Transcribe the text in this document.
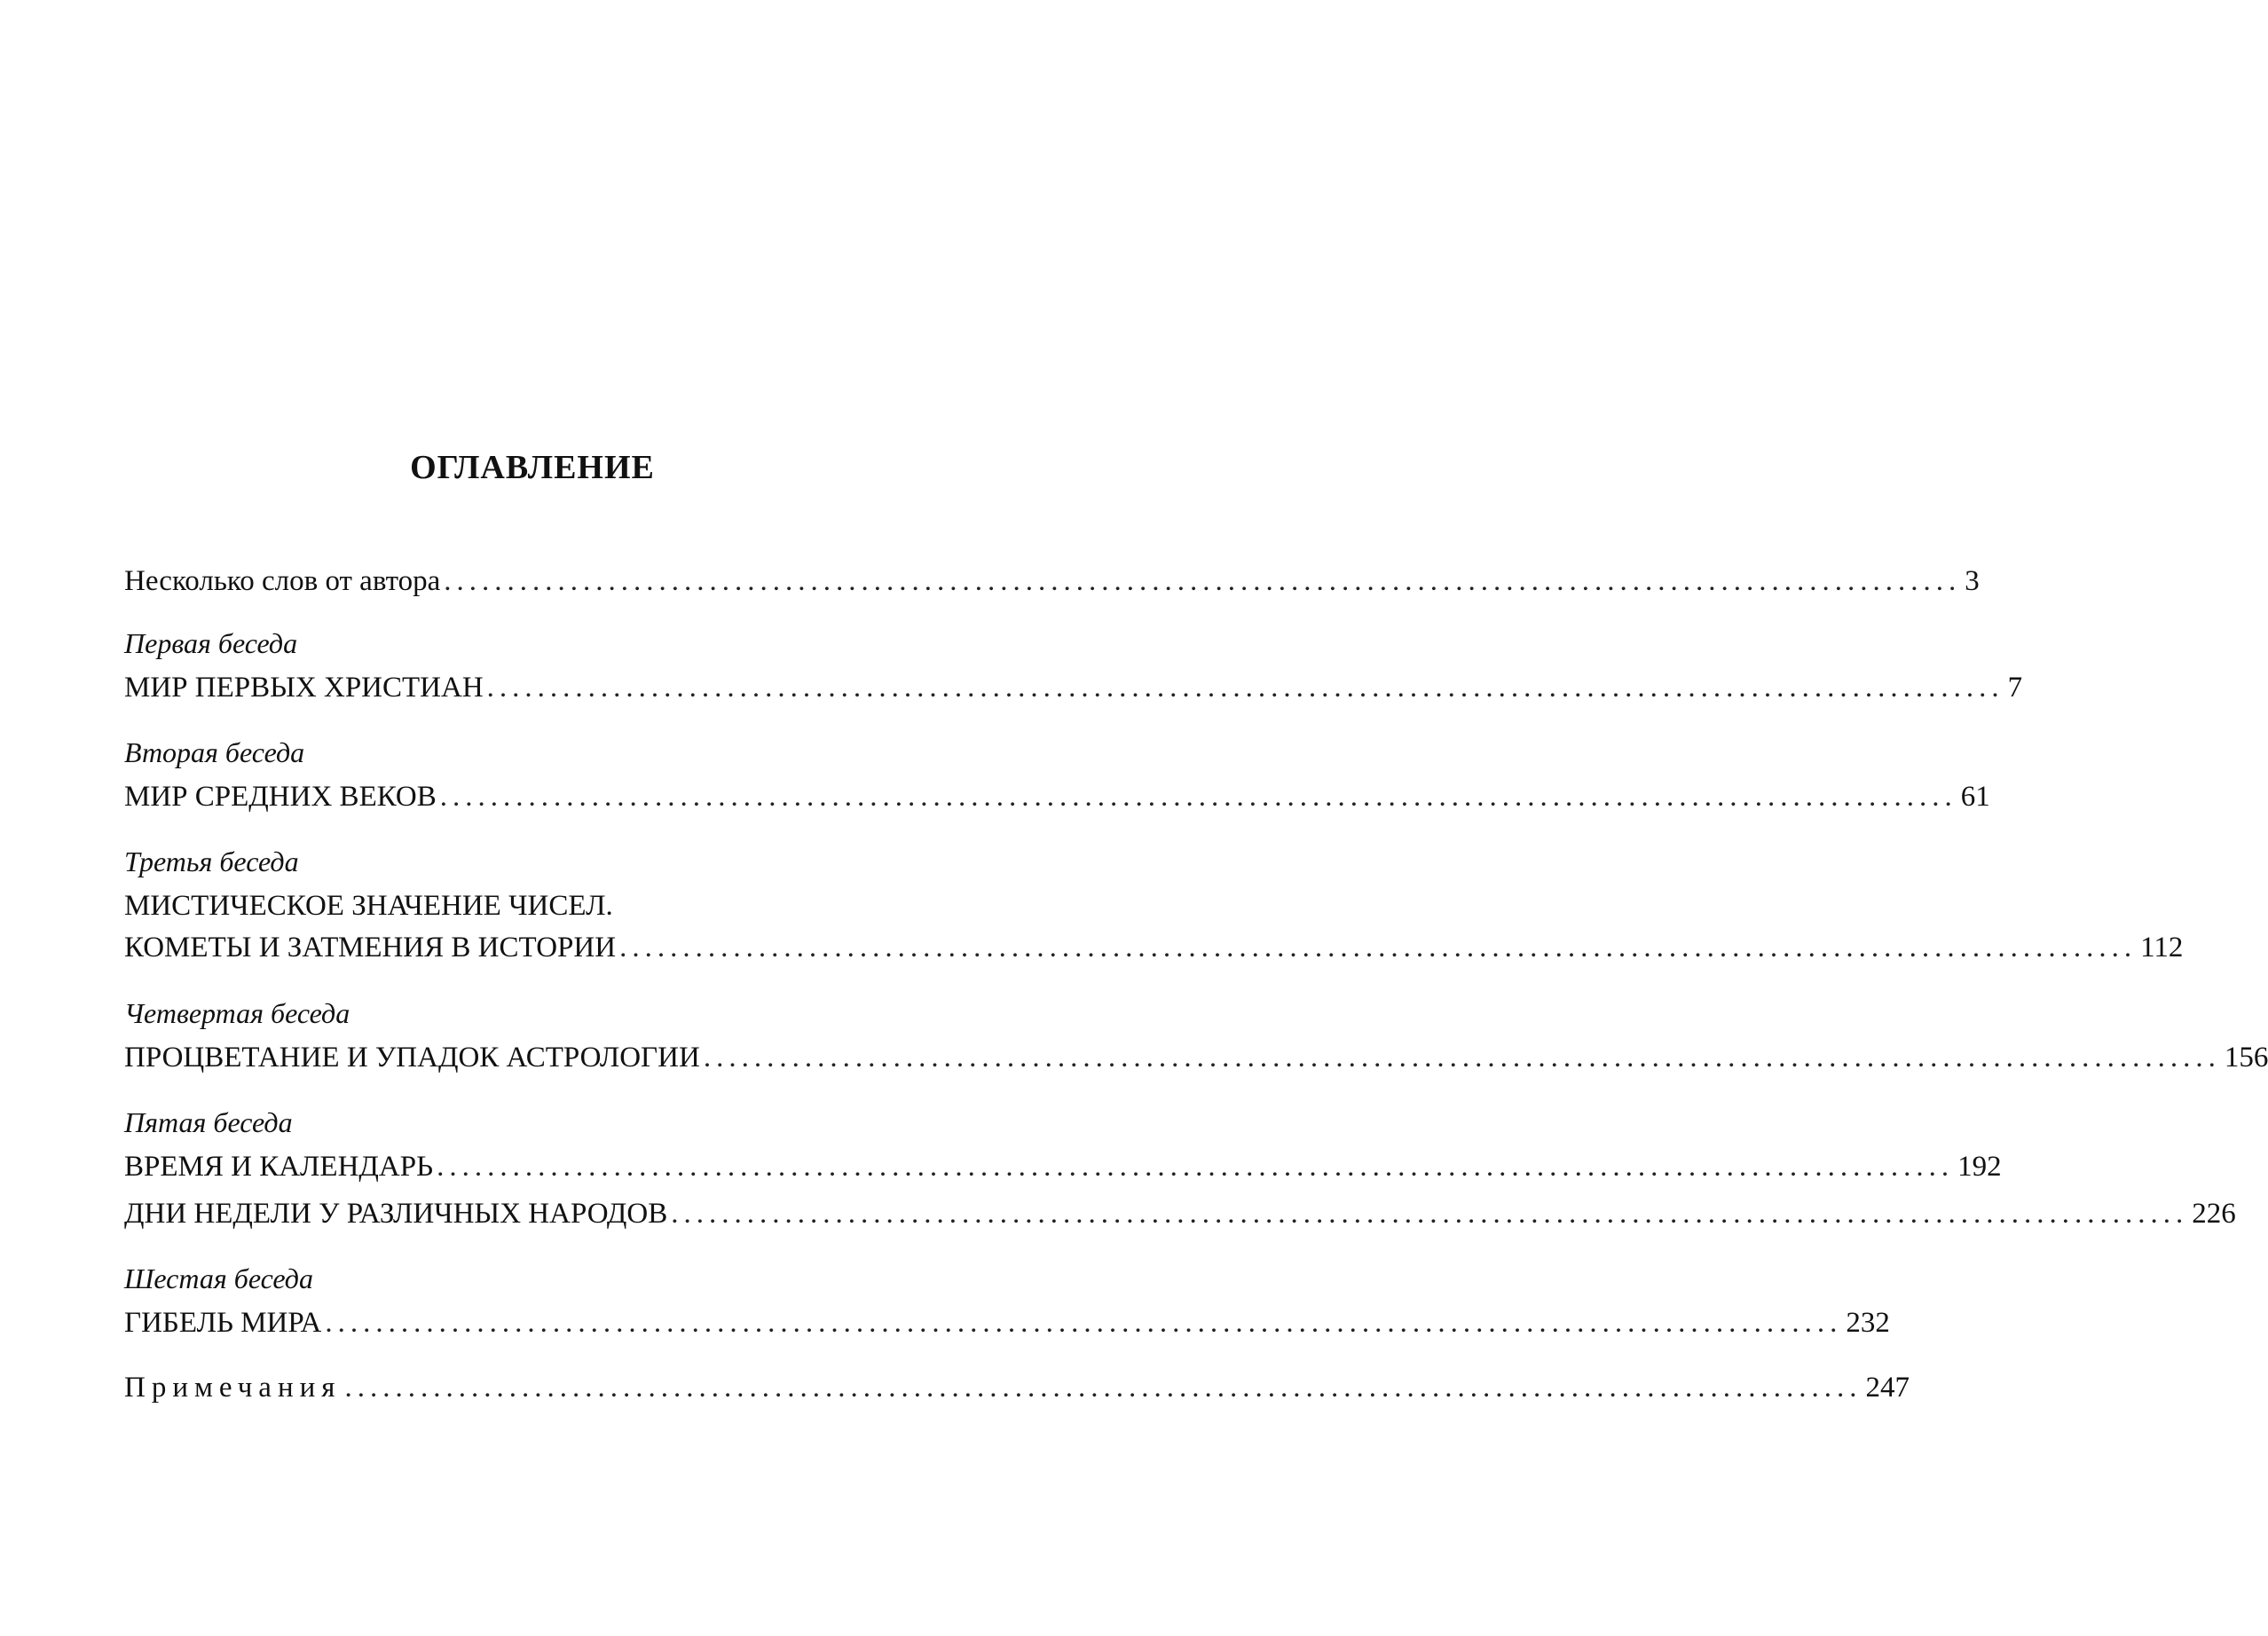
ОГЛАВЛЕНИЕ
Несколько слов от автора ........................................................................................................................ 3
Первая беседа
МИР ПЕРВЫХ ХРИСТИАН ........................................................................................................................ 7
Вторая беседа
МИР СРЕДНИХ ВЕКОВ ........................................................................................................................ 61
Третья беседа
МИСТИЧЕСКОЕ ЗНАЧЕНИЕ ЧИСЕЛ.
КОМЕТЫ И ЗАТМЕНИЯ В ИСТОРИИ ........................................................................................................................ 112
Четвертая беседа
ПРОЦВЕТАНИЕ И УПАДОК АСТРОЛОГИИ ........................................................................................................................ 156
Пятая беседа
ВРЕМЯ И КАЛЕНДАРЬ ........................................................................................................................ 192
ДНИ НЕДЕЛИ У РАЗЛИЧНЫХ НАРОДОВ ........................................................................................................................ 226
Шестая беседа
ГИБЕЛЬ МИРА ........................................................................................................................ 232
Примечания ........................................................................................................................ 247
